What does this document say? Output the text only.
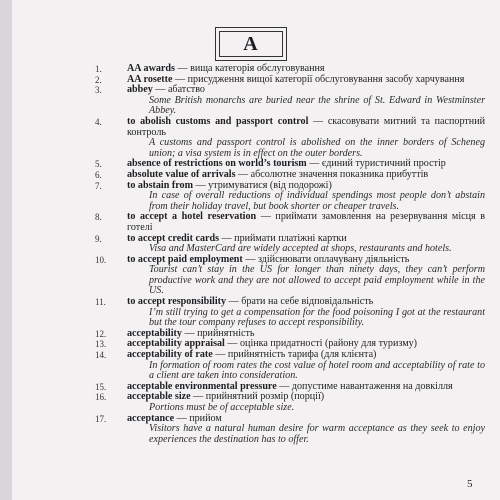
A
1.	AA awards — вища категорія обслуговування
2.	AA rosette — присудження вищої категорії обслуговування засобу харчування
3.	abbey — абатство
Some British monarchs are buried near the shrine of St. Edward in Westminster Abbey.
4.	to abolish customs and passport control — скасовувати митний та паспортний контроль
A customs and passport control is abolished on the inner borders of Scheneg union; a visa system is in effect on the outer borders.
5.	absence of restrictions on world’s tourism — єдиний туристичний простір
6.	absolute value of arrivals — абсолютне значення показника прибуттів
7.	to abstain from — утримуватися (від подорожі)
In case of overall reductions of individual spendings most people don’t abstain from their holiday travel, but book shorter or cheaper travels.
8.	to accept a hotel reservation — приймати замовлення на резервування місця в готелі
9.	to accept credit cards — приймати платіжні картки
Visa and MasterCard are widely accepted at shops, restaurants and hotels.
10.	to accept paid employment — здійснювати оплачувану діяльність
Tourist can’t stay in the US for longer than ninety days, they can’t perform productive work and they are not allowed to accept paid employment while in the US.
11.	to accept responsibility — брати на себе відповідальність
I’m still trying to get a compensation for the food poisoning I got at the restaurant but the tour company refuses to accept responsibility.
12.	acceptability — прийнятність
13.	acceptability appraisal — оцінка придатності (району для туризму)
14.	acceptability of rate — прийнятність тарифа (для клієнта)
In formation of room rates the cost value of hotel room and acceptability of rate to a client are taken into consideration.
15.	acceptable environmental pressure — допустиме навантаження на довкілля
16.	acceptable size — прийнятний розмір (порції)
Portions must be of acceptable size.
17.	acceptance — прийом
Visitors have a natural human desire for warm acceptance as they seek to enjoy experiences the destination has to offer.
5
